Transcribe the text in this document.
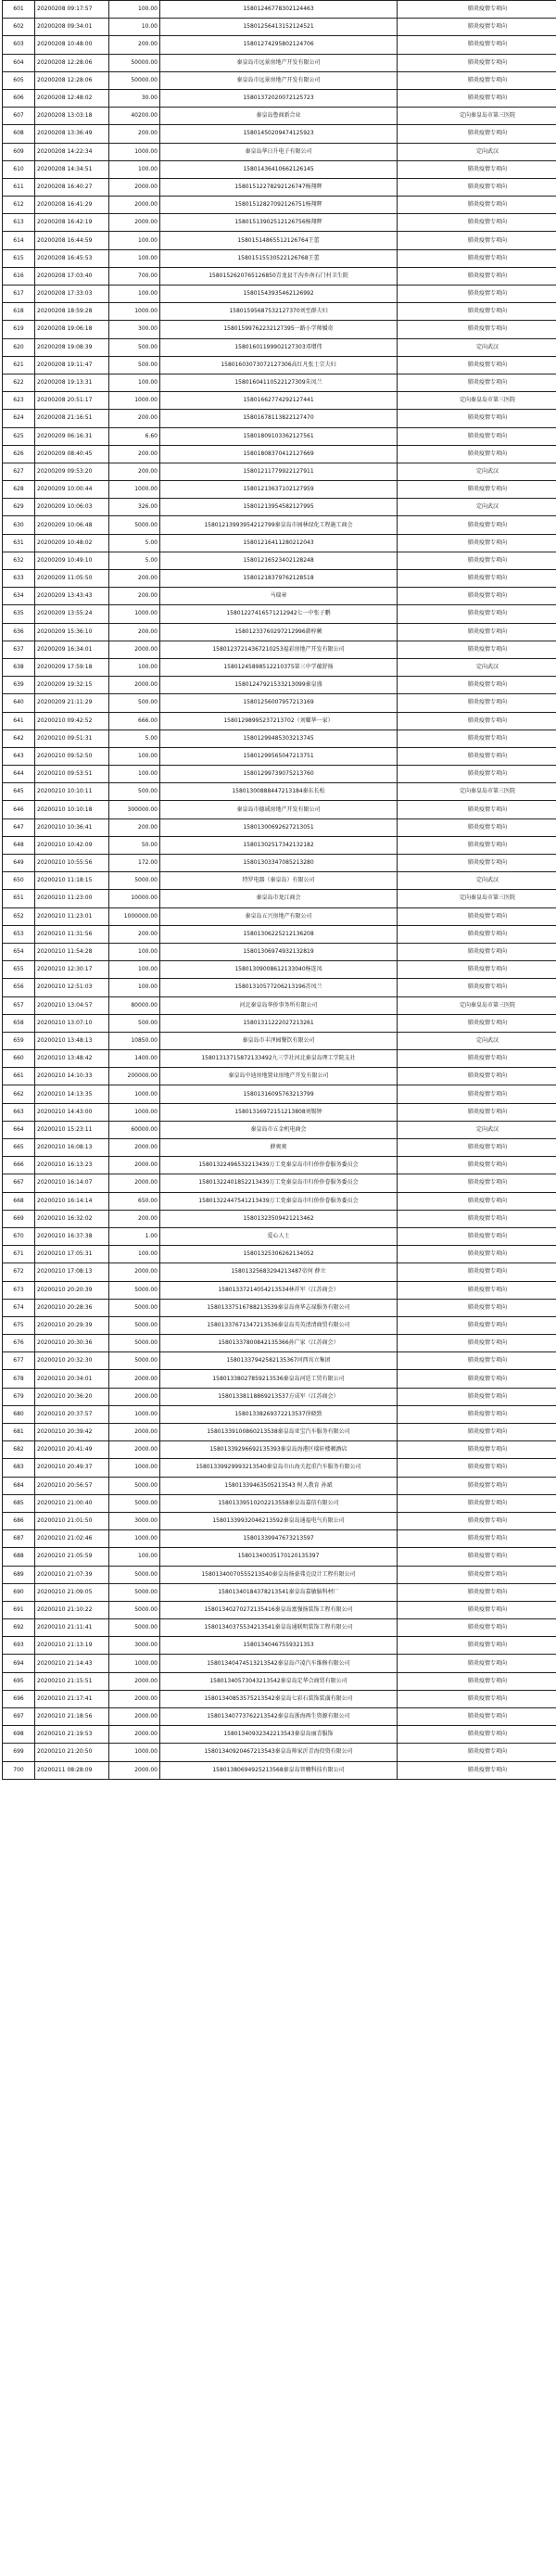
601	20200208 09:17:57	100.00	15801246778302124463	肺炎疫情专项向
602	20200208 09:34:01	10.00	15801256413152124521	肺炎疫情专项向
603	20200208 10:48:00	200.00	15801274295802124706	肺炎疫情专项向
604	20200208 12:28:06	50000.00	秦皇岛市远景房地产开发有限公司	肺炎疫情专项向
605	20200208 12:28:06	50000.00	秦皇岛市远景房地产开发有限公司	肺炎疫情专项向
606	20200208 12:48:02	30.00	15801372020072125723	肺炎疫情专项向
607	20200208 13:03:18	40200.00	秦皇岛鲁商新合业	定向秦皇岛市第三医院
608	20200208 13:36:49	200.00	15801450209474125923	肺炎疫情专项向
609	20200208 14:22:34	1000.00	秦皇岛华日升电子有限公司	定向武汉
610	20200208 14:34:51	100.00	15801436410662126145	肺炎疫情专项向
611	20200208 16:40:27	2000.00	15801512278292126747杨翔辉	肺炎疫情专项向
612	20200208 16:41:29	2000.00	15801512827092126751杨翔辉	肺炎疫情专项向
613	20200208 16:42:19	2000.00	15801513902512126756杨翔辉	肺炎疫情专项向
614	20200208 16:44:59	100.00	15801514865512126764王蕾	肺炎疫情专项向
615	20200208 16:45:53	100.00	15801515530522126768王蕾	肺炎疫情专项向
616	20200208 17:03:40	700.00	1580152620765126850青龙县干沟乡南石门村卫生院	肺炎疫情专项向
617	20200208 17:33:03	100.00	15801543935462126992	肺炎疫情专项向
618	20200208 18:59:28	1000.00	15801595687532127370刘至群夫妇	肺炎疫情专项向
619	20200208 19:06:18	300.00	15801599762232127395一路小学师媛奇	肺炎疫情专项向
620	20200208 19:08:39	500.00	15801601199902127303邓增伟	定向武汉
621	20200208 19:11:47	500.00	15801603073072127306高红凡张士宗夫妇	肺炎疫情专项向
622	20200208 19:13:31	100.00	15801604110522127309朱凤兰	肺炎疫情专项向
623	20200208 20:51:17	1000.00	15801662774292127441	定向秦皇岛市第三医院
624	20200208 21:16:51	200.00	15801678113822127470	肺炎疫情专项向
625	20200209 06:16:31	6.60	15801809103362127561	肺炎疫情专项向
626	20200209 08:40:45	200.00	15801808370412127669	肺炎疫情专项向
627	20200209 09:53:20	200.00	15801211779922127911	定向武汉
628	20200209 10:00:44	1000.00	15801213637102127959	肺炎疫情专项向
629	20200209 10:06:03	326.00	15801213954582127995	定向武汉
630	20200209 10:06:48	5000.00	15801213993954212799秦皇岛市园林绿化工程施工商会	肺炎疫情专项向
631	20200209 10:48:02	5.00	15801216411280212043	肺炎疫情专项向
632	20200209 10:49:10	5.00	15801216523402128248	肺炎疫情专项向
633	20200209 11:05:50	200.00	15801218379762128518	肺炎疫情专项向
634	20200209 13:43:43	200.00	马瑞章	肺炎疫情专项向
635	20200209 13:55:24	1000.00	15801227416571212942七一中张子鹏	肺炎疫情专项向
636	20200209 15:36:10	200.00	15801233760297212996韩梓蕨	肺炎疫情专项向
637	20200209 16:34:01	2000.00	15801237214367210253福彩房地产开发有限公司	肺炎疫情专项向
638	20200209 17:59:18	100.00	15801245898512210375第三中学蕴舒扬	定向武汉
639	20200209 19:32:15	2000.00	15801247921533213099秦皇盛	肺炎疫情专项向
640	20200209 21:11:29	500.00	15801256007957213169	肺炎疫情专项向
641	20200210 09:42:52	666.00	15801298995237213702（刘耀华一家）	肺炎疫情专项向
642	20200210 09:51:31	5.00	15801299485303213745	肺炎疫情专项向
643	20200210 09:52:50	100.00	15801299565047213751	肺炎疫情专项向
644	20200210 09:53:51	100.00	15801299739075213760	肺炎疫情专项向
645	20200210 10:10:11	500.00	15801300888447213184秦东长松	定向秦皇岛市第三医院
646	20200210 10:10:18	300000.00	秦皇岛市德诚房地产开发有限公司	肺炎疫情专项向
647	20200210 10:36:41	200.00	15801300692627213051	肺炎疫情专项向
648	20200210 10:42:09	50.00	15801302517342132182	肺炎疫情专项向
649	20200210 10:55:56	172.00	15801303347085213280	肺炎疫情专项向
650	20200210 11:18:15	5000.00	特罗电器（秦皇岛）有限公司	定向武汉
651	20200210 11:23:00	10000.00	秦皇岛市龙江商会	定向秦皇岛市第三医院
652	20200210 11:23:01	1000000.00	秦皇岛五兴房地产有限公司	肺炎疫情专项向
653	20200210 11:31:56	200.00	15801306225212136208	肺炎疫情专项向
654	20200210 11:54:28	100.00	15801306974932132819	肺炎疫情专项向
655	20200210 12:30:17	100.00	15801309008612133040杨连凤	肺炎疫情专项向
656	20200210 12:51:03	100.00	15801310577206213196苏凤兰	肺炎疫情专项向
657	20200210 13:04:57	80000.00	河北秦皇岛华侨事务所有限公司	定向秦皇岛市第三医院
658	20200210 13:07:10	500.00	15801311222027213261	肺炎疫情专项向
659	20200210 13:48:13	10850.00	秦皇岛市丰泽园餐饮有限公司	定向武汉
660	20200210 13:48:42	1400.00	15801313715872133492九三学社河北秦皇岛理工学院支社	肺炎疫情专项向
661	20200210 14:10:33	200000.00	秦皇岛中迪房地置业房地产开发有限公司	肺炎疫情专项向
662	20200210 14:13:35	1000.00	15801316095763213799	肺炎疫情专项向
663	20200210 14:43:00	1000.00	15801316972151213808刘锡钟	肺炎疫情专项向
664	20200210 15:23:11	60000.00	秦皇岛市五金机电商会	定向武汉
665	20200210 16:08:13	2000.00	薛爽爽	肺炎疫情专项向
666	20200210 16:13:23	2000.00	15801322496532213439万工党秦皇岛市归侨侨眷服务委员会	肺炎疫情专项向
667	20200210 16:14:07	2000.00	15801322401852213439万工党秦皇岛市归侨侨眷服务委员会	肺炎疫情专项向
668	20200210 16:14:14	650.00	15801322447541213439万工党秦皇岛市归侨侨眷服务委员会	肺炎疫情专项向
669	20200210 16:32:02	200.00	15801323509421213462	肺炎疫情专项向
670	20200210 16:37:38	1.00	爱心人士	肺炎疫情专项向
671	20200210 17:05:31	100.00	15801325306262134052	肺炎疫情专项向
672	20200210 17:08:13	2000.00	15801325683294213487帝何 薛立	肺炎疫情专项向
673	20200210 20:20:39	5000.00	15801337214054213534林祥军（江苏商会）	肺炎疫情专项向
674	20200210 20:28:36	5000.00	15801337516788213539秦皇岛南华志禄服务有限公司	肺炎疫情专项向
675	20200210 20:29:39	5000.00	15801337671347213536秦皇岛英英清清商贸有限公司	肺炎疫情专项向
676	20200210 20:30:36	5000.00	15801337800842135366孙广家（江苏商会）	肺炎疫情专项向
677	20200210 20:32:30	5000.00	15801337942582135367河西宾立集团	肺炎疫情专项向
678	20200210 20:34:01	2000.00	15801338027859213536秦皇岛河廷工贸有限公司	肺炎疫情专项向
679	20200210 20:36:20	2000.00	15801338118869213537方成军（江苏商会）	肺炎疫情专项向
680	20200210 20:37:57	1000.00	15801338269372213537徐晓致	肺炎疫情专项向
681	20200210 20:39:42	2000.00	15801339100860213538秦皇岛亚宝汽车服务有限公司	肺炎疫情专项向
682	20200210 20:41:49	2000.00	15801339296692135393秦皇岛海港区瑞轩楼顿酒店	肺炎疫情专项向
683	20200210 20:49:37	1000.00	15801339929993213540秦皇岛市山海关起重汽车服务有限公司	肺炎疫情专项向
684	20200210 20:56:57	5000.00	15801339463505213543 树人教育 孙斌	肺炎疫情专项向
685	20200210 21:00:40	5000.00	15801339510202213558秦皇岛嘉信有限公司	肺炎疫情专项向
686	20200210 21:01:50	3000.00	15801339932046213592秦皇岛通福电气有限公司	肺炎疫情专项向
687	20200210 21:02:46	1000.00	15801339947673213597	肺炎疫情专项向
688	20200210 21:05:59	100.00	15801340035170120135397	肺炎疫情专项向
689	20200210 21:07:39	5000.00	15801340070555213540秦皇岛扬豪弗克设计工程有限公司	肺炎疫情专项向
690	20200210 21:09:05	5000.00	15801340184378213541秦皇岛嘉敏脑科材厂	肺炎疫情专项向
691	20200210 21:10:22	5000.00	15801340270272135416秦皇岛富强扬装饰工程有限公司	肺炎疫情专项向
692	20200210 21:11:41	5000.00	15801340375534213541秦皇岛通联明装饰工程有限公司	肺炎疫情专项向
693	20200210 21:13:19	3000.00	15801340467559321353	肺炎疫情专项向
694	20200210 21:14:43	1000.00	15801340474513213542秦皇岛卢凌汽车维修有限公司	肺炎疫情专项向
695	20200210 21:15:51	2000.00	15801340573043213542秦皇岛定华合商贸有限公司	肺炎疫情专项向
696	20200210 21:17:41	2000.00	15801340853575213542秦皇岛七彩石装饰装潢有限公司	肺炎疫情专项向
697	20200210 21:18:56	2000.00	15801340773762213542秦皇岛浙海再生资源有限公司	肺炎疫情专项向
698	20200210 21:19:53	2000.00	15801340932342213543秦皇岛丽青服饰	肺炎疫情专项向
699	20200210 21:20:50	1000.00	15801340920467213543秦皇岛帅家沂青海投资有限公司	肺炎疫情专项向
700	20200211 08:28:09	2000.00	15801380694925213568秦皇岛智翱科技有限公司	肺炎疫情专项向
